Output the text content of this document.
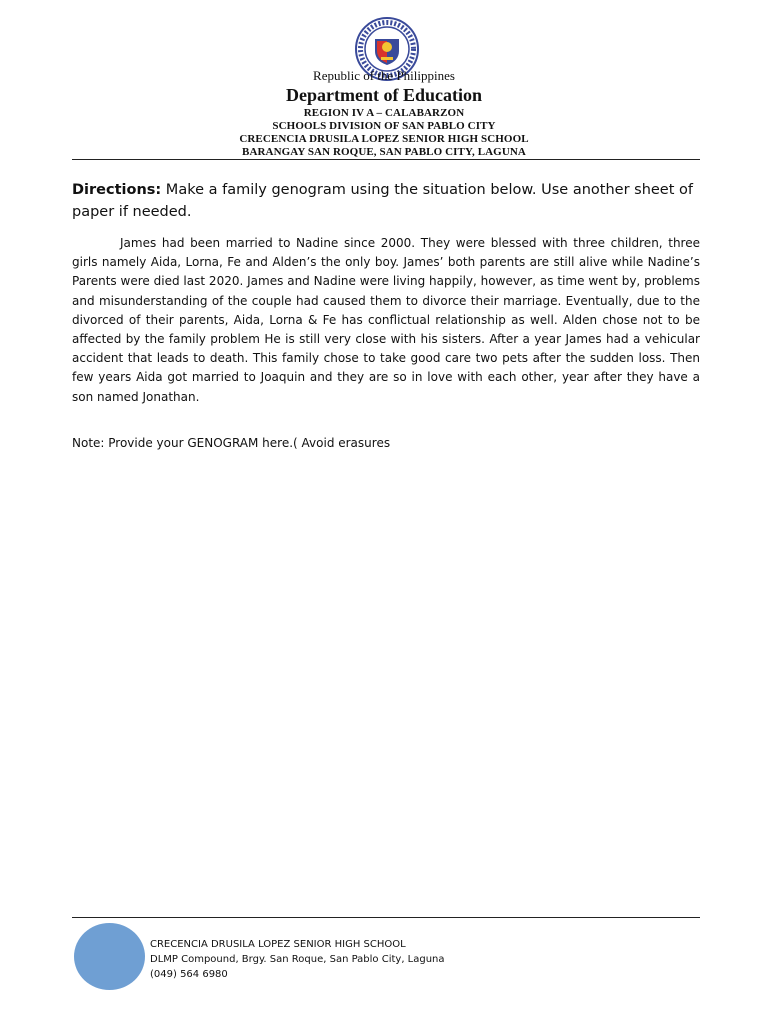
Republic of the Philippines
Department of Education
REGION IV A – CALABARZON
SCHOOLS DIVISION OF SAN PABLO CITY
CRECENCIA DRUSILA LOPEZ SENIOR HIGH SCHOOL
BARANGAY SAN ROQUE, SAN PABLO CITY, LAGUNA
Directions: Make a family genogram using the situation below. Use another sheet of paper if needed.

James had been married to Nadine since 2000. They were blessed with three children, three girls namely Aida, Lorna, Fe and Alden’s the only boy. James’ both parents are still alive while Nadine’s Parents were died last 2020. James and Nadine were living happily, however, as time went by, problems and misunderstanding of the couple had caused them to divorce their marriage. Eventually, due to the divorced of their parents, Aida, Lorna & Fe has conflictual relationship as well. Alden chose not to be affected by the family problem He is still very close with his sisters. After a year James had a vehicular accident that leads to death. This family chose to take good care two pets after the sudden loss. Then few years Aida got married to Joaquin and they are so in love with each other, year after they have a son named Jonathan.

Note: Provide your GENOGRAM here.( Avoid erasures
CRECENCIA DRUSILA LOPEZ SENIOR HIGH SCHOOL
DLMP Compound, Brgy. San Roque, San Pablo City, Laguna
(049) 564 6980
